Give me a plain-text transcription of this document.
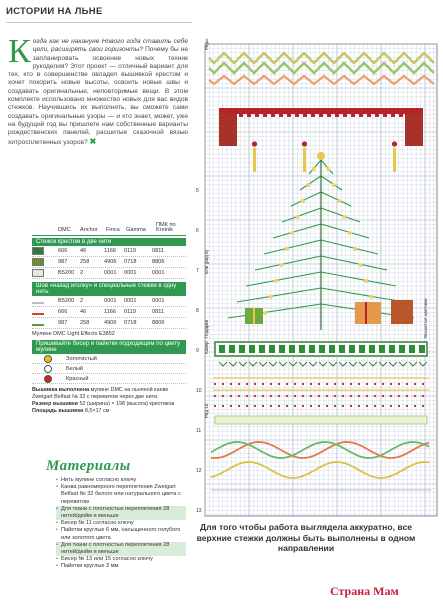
ИСТОРИИ НА ЛЬНЕ
К огда как не накануне Нового года ставить себе цели, расширять свои горизонты? Почему бы не запланировать освоение новых техник рукоделия? Этот проект — отличный вариант для тех, кто в совершенстве овладел вышивкой крестом и хочет покорить новые высоты, освоить новые швы и создавать оригинальные, неповторимые вещи. В этом комплекте использовано множество новых для вас видов стежков. Научившись их выполнять, вы сможете сами создавать оригинальные узоры — и кто знает, может, уже на будущий год вы пришлете нам собственные варианты рождественских панелей, расшитые сказочной вязью хитросплетенных узоров? ✖
DMC Anchor Finca Gamma
ПМК по Kreinik
Стежок крестом в две нити
666	46	1166	0119	0811
987	258	4906	0718	8806
B5200	2	0001	0001	0001
Шов «назад иголку» и специальные стежки в одну нить
B5200	2	0001	0001	0001
666	46	1166	0119	0811
987	258	4906	0718	8806
Мулине DMC Light Effects E3852
Пришивайте бисер и пайетки подходящим по цвету мулине
Золотистый
Белый
Красный
Вышивка выполнена мулине DMC на льняной канве Zweigart Belfast № 32 с перевитом через две нити.
Размер вышивки 52 (ширина) × 198 (высота) крестиков
Площадь вышивки 8,5×17 см
Материалы
• Нить мулине согласно ключу
• Канва равномерного переплетения Zweigart Belfast № 32 белого или натурального цвета с перевитом
• Для ткани с плотностью переплетения 28 нитей/дюйм и меньше
• Бисер № 11 согласно ключу
• Пайетки круглые 6 мм, насыщенного голубого или золотого цвета
• Для ткани с плотностью переплетения 28 нитей/дюйм и меньше
• Бисер № 13 или 15 согласно ключу
• Пайетки круглые 3 мм
Ряды
Ели (ряд 6)
Подарки
Ковер
Ряд 10
5
6
7
8
9
10
11
12
13
Вышитые цветами
Для того чтобы работа выглядела аккуратно, все верхние стежки должны быть выполнены в одном направлении
Страна Мам
